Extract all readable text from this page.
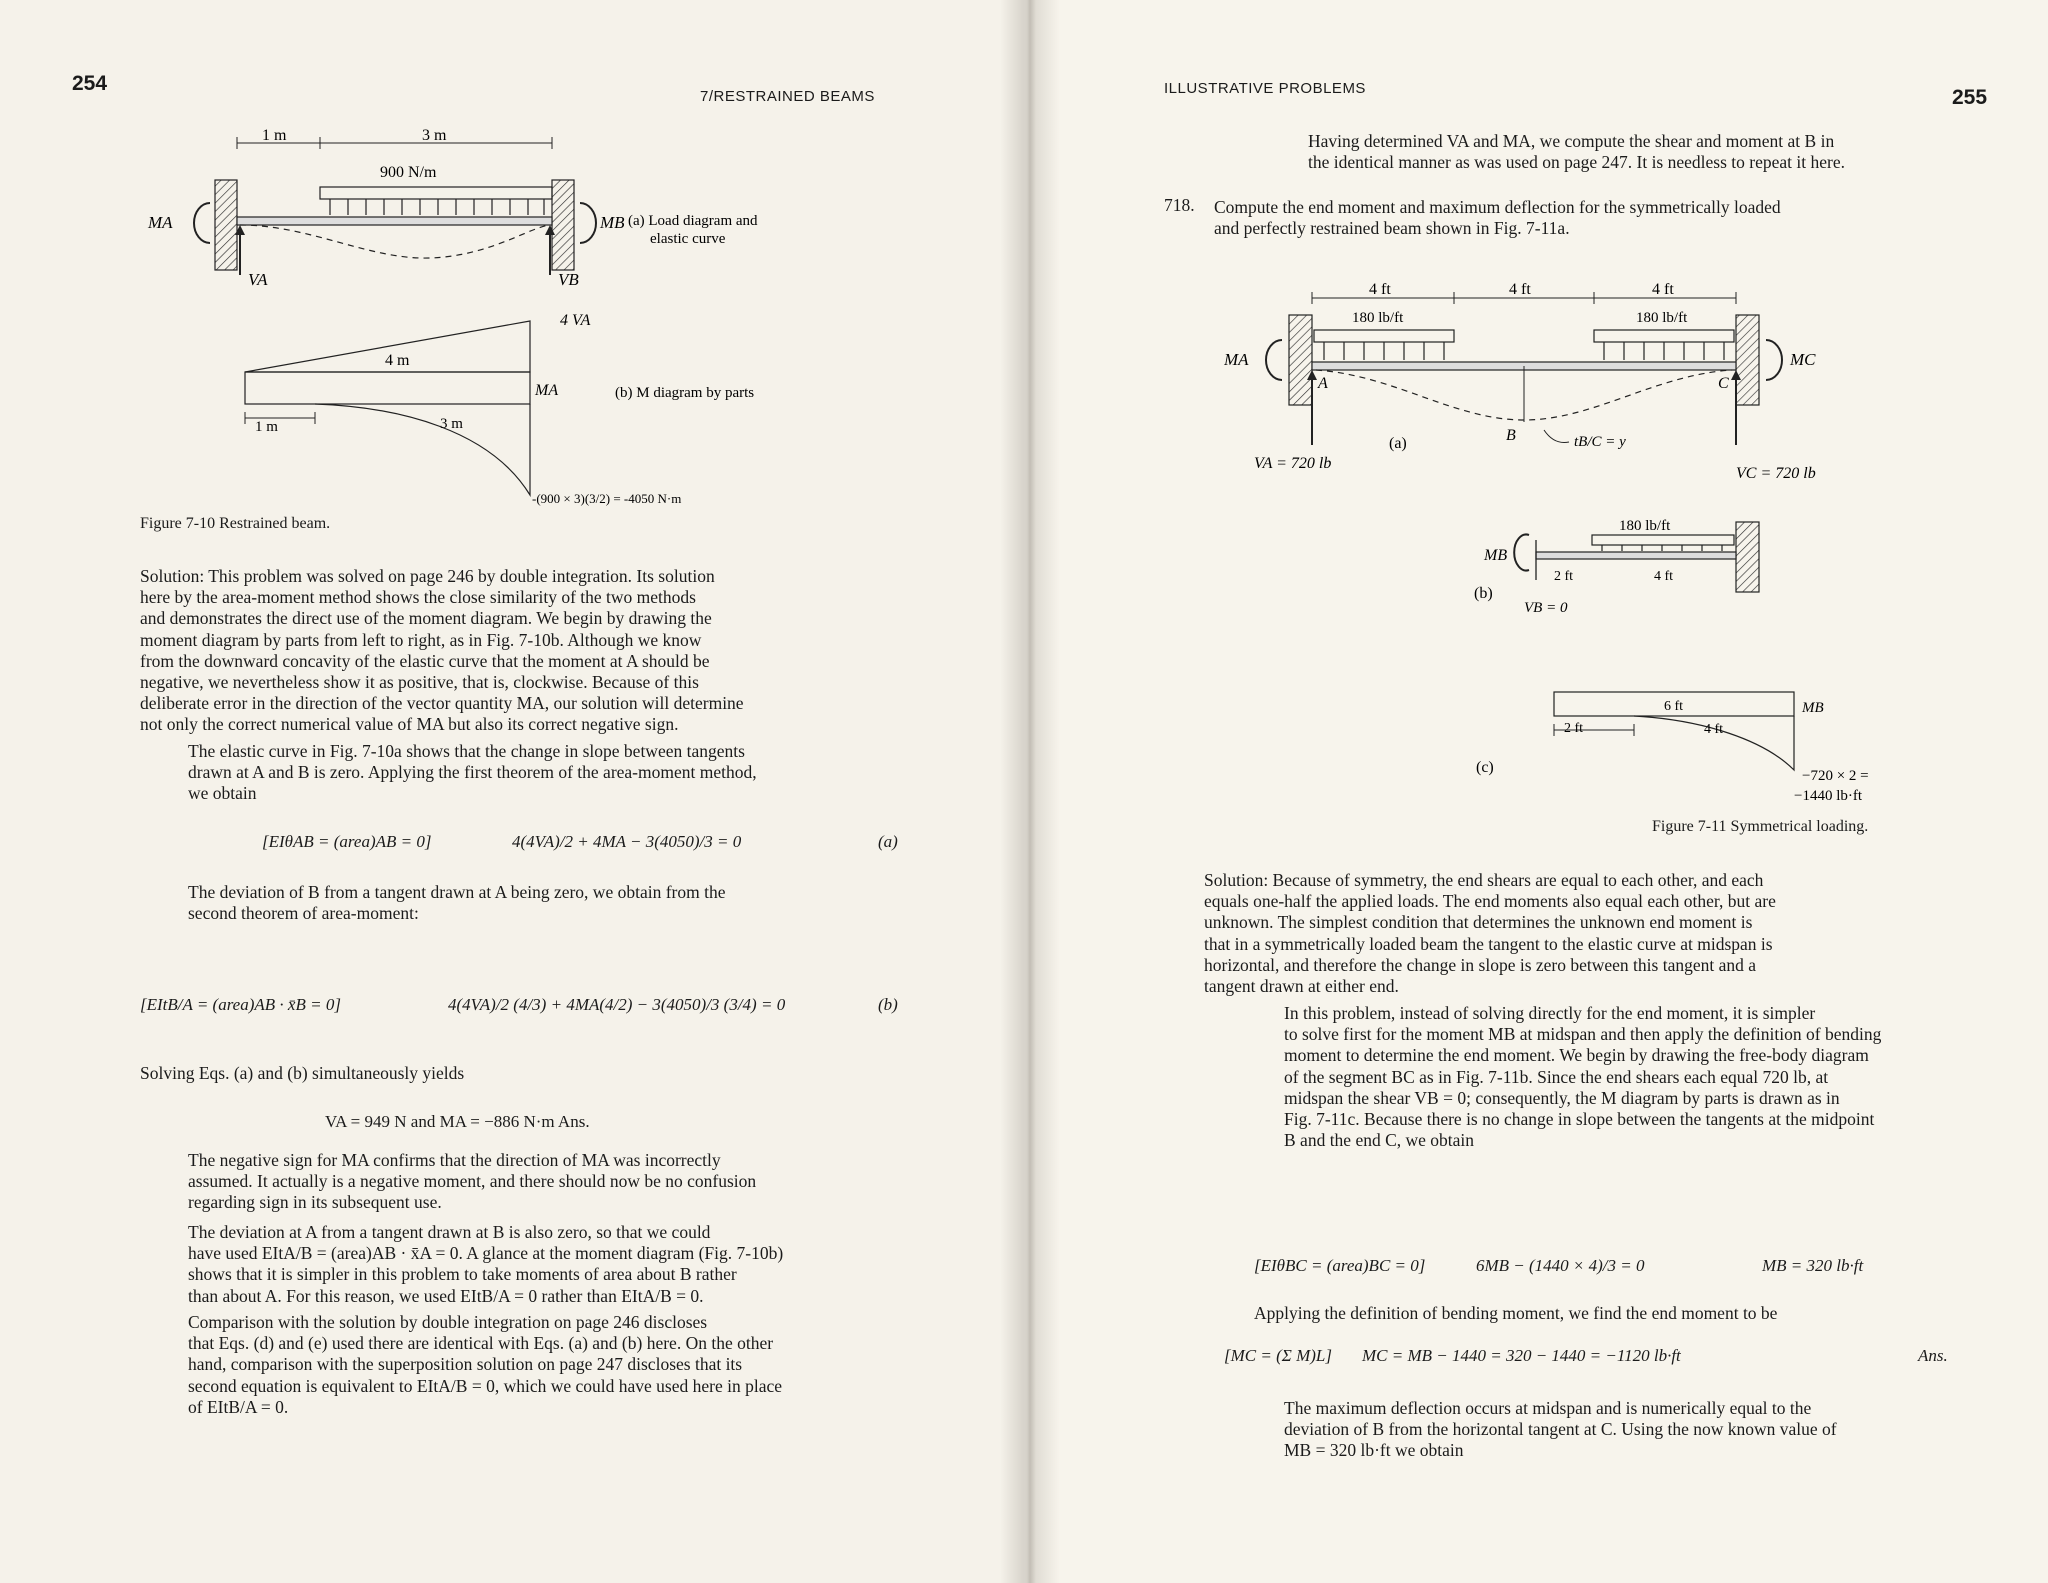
254
7/RESTRAINED BEAMS
1 m	3 m
900 N/m
MA	MB
VA	VB
(a) Load diagram and
elastic curve
4 VA
4 m
MA	(b) M diagram by parts
1 m	3 m
-(900 × 3)(3/2) = -4050 N·m
Figure 7-10 Restrained beam.
Solution: This problem was solved on page 246 by double integration. Its solution
here by the area-moment method shows the close similarity of the two methods
and demonstrates the direct use of the moment diagram. We begin by drawing the
moment diagram by parts from left to right, as in Fig. 7-10b. Although we know
from the downward concavity of the elastic curve that the moment at A should be
negative, we nevertheless show it as positive, that is, clockwise. Because of this
deliberate error in the direction of the vector quantity MA, our solution will determine
not only the correct numerical value of MA but also its correct negative sign.
The elastic curve in Fig. 7-10a shows that the change in slope between tangents
drawn at A and B is zero. Applying the first theorem of the area-moment method,
we obtain
[EIθAB = (area)AB = 0]	4(4VA)/2 + 4MA − 3(4050)/3 = 0	(a)
The deviation of B from a tangent drawn at A being zero, we obtain from the
second theorem of area-moment:
[EItB/A = (area)AB · x̄B = 0]	4(4VA)/2 (4/3) + 4MA(4/2) − 3(4050)/3 (3/4) = 0	(b)
Solving Eqs. (a) and (b) simultaneously yields
VA = 949 N and MA = −886 N·m Ans.
The negative sign for MA confirms that the direction of MA was incorrectly
assumed. It actually is a negative moment, and there should now be no confusion
regarding sign in its subsequent use.
The deviation at A from a tangent drawn at B is also zero, so that we could
have used EItA/B = (area)AB · x̄A = 0. A glance at the moment diagram (Fig. 7-10b)
shows that it is simpler in this problem to take moments of area about B rather
than about A. For this reason, we used EItB/A = 0 rather than EItA/B = 0.
Comparison with the solution by double integration on page 246 discloses
that Eqs. (d) and (e) used there are identical with Eqs. (a) and (b) here. On the other
hand, comparison with the superposition solution on page 247 discloses that its
second equation is equivalent to EItA/B = 0, which we could have used here in place
of EItB/A = 0.
ILLUSTRATIVE PROBLEMS	255
Having determined VA and MA, we compute the shear and moment at B in
the identical manner as was used on page 247. It is needless to repeat it here.
718. Compute the end moment and maximum deflection for the symmetrically loaded
and perfectly restrained beam shown in Fig. 7-11a.
4 ft	4 ft	4 ft
180 lb/ft	180 lb/ft
MA	MC
A
B
C
tB/C = y
(a)
VA = 720 lb
VC = 720 lb
180 lb/ft
MB
2 ft	4 ft
VB = 0
(b)
6 ft	MB
2 ft	4 ft
(c)	−720 × 2 =
−1440 lb·ft
Figure 7-11 Symmetrical loading.
Solution: Because of symmetry, the end shears are equal to each other, and each
equals one-half the applied loads. The end moments also equal each other, but are
unknown. The simplest condition that determines the unknown end moment is
that in a symmetrically loaded beam the tangent to the elastic curve at midspan is
horizontal, and therefore the change in slope is zero between this tangent and a
tangent drawn at either end.
In this problem, instead of solving directly for the end moment, it is simpler
to solve first for the moment MB at midspan and then apply the definition of bending
moment to determine the end moment. We begin by drawing the free-body diagram
of the segment BC as in Fig. 7-11b. Since the end shears each equal 720 lb, at
midspan the shear VB = 0; consequently, the M diagram by parts is drawn as in
Fig. 7-11c. Because there is no change in slope between the tangents at the midpoint
B and the end C, we obtain
[EIθBC = (area)BC = 0]	6MB − (1440 × 4)/3 = 0	MB = 320 lb·ft
Applying the definition of bending moment, we find the end moment to be
[MC = (Σ M)L] MC = MB − 1440 = 320 − 1440 = −1120 lb·ft	Ans.
The maximum deflection occurs at midspan and is numerically equal to the
deviation of B from the horizontal tangent at C. Using the now known value of
MB = 320 lb·ft we obtain
